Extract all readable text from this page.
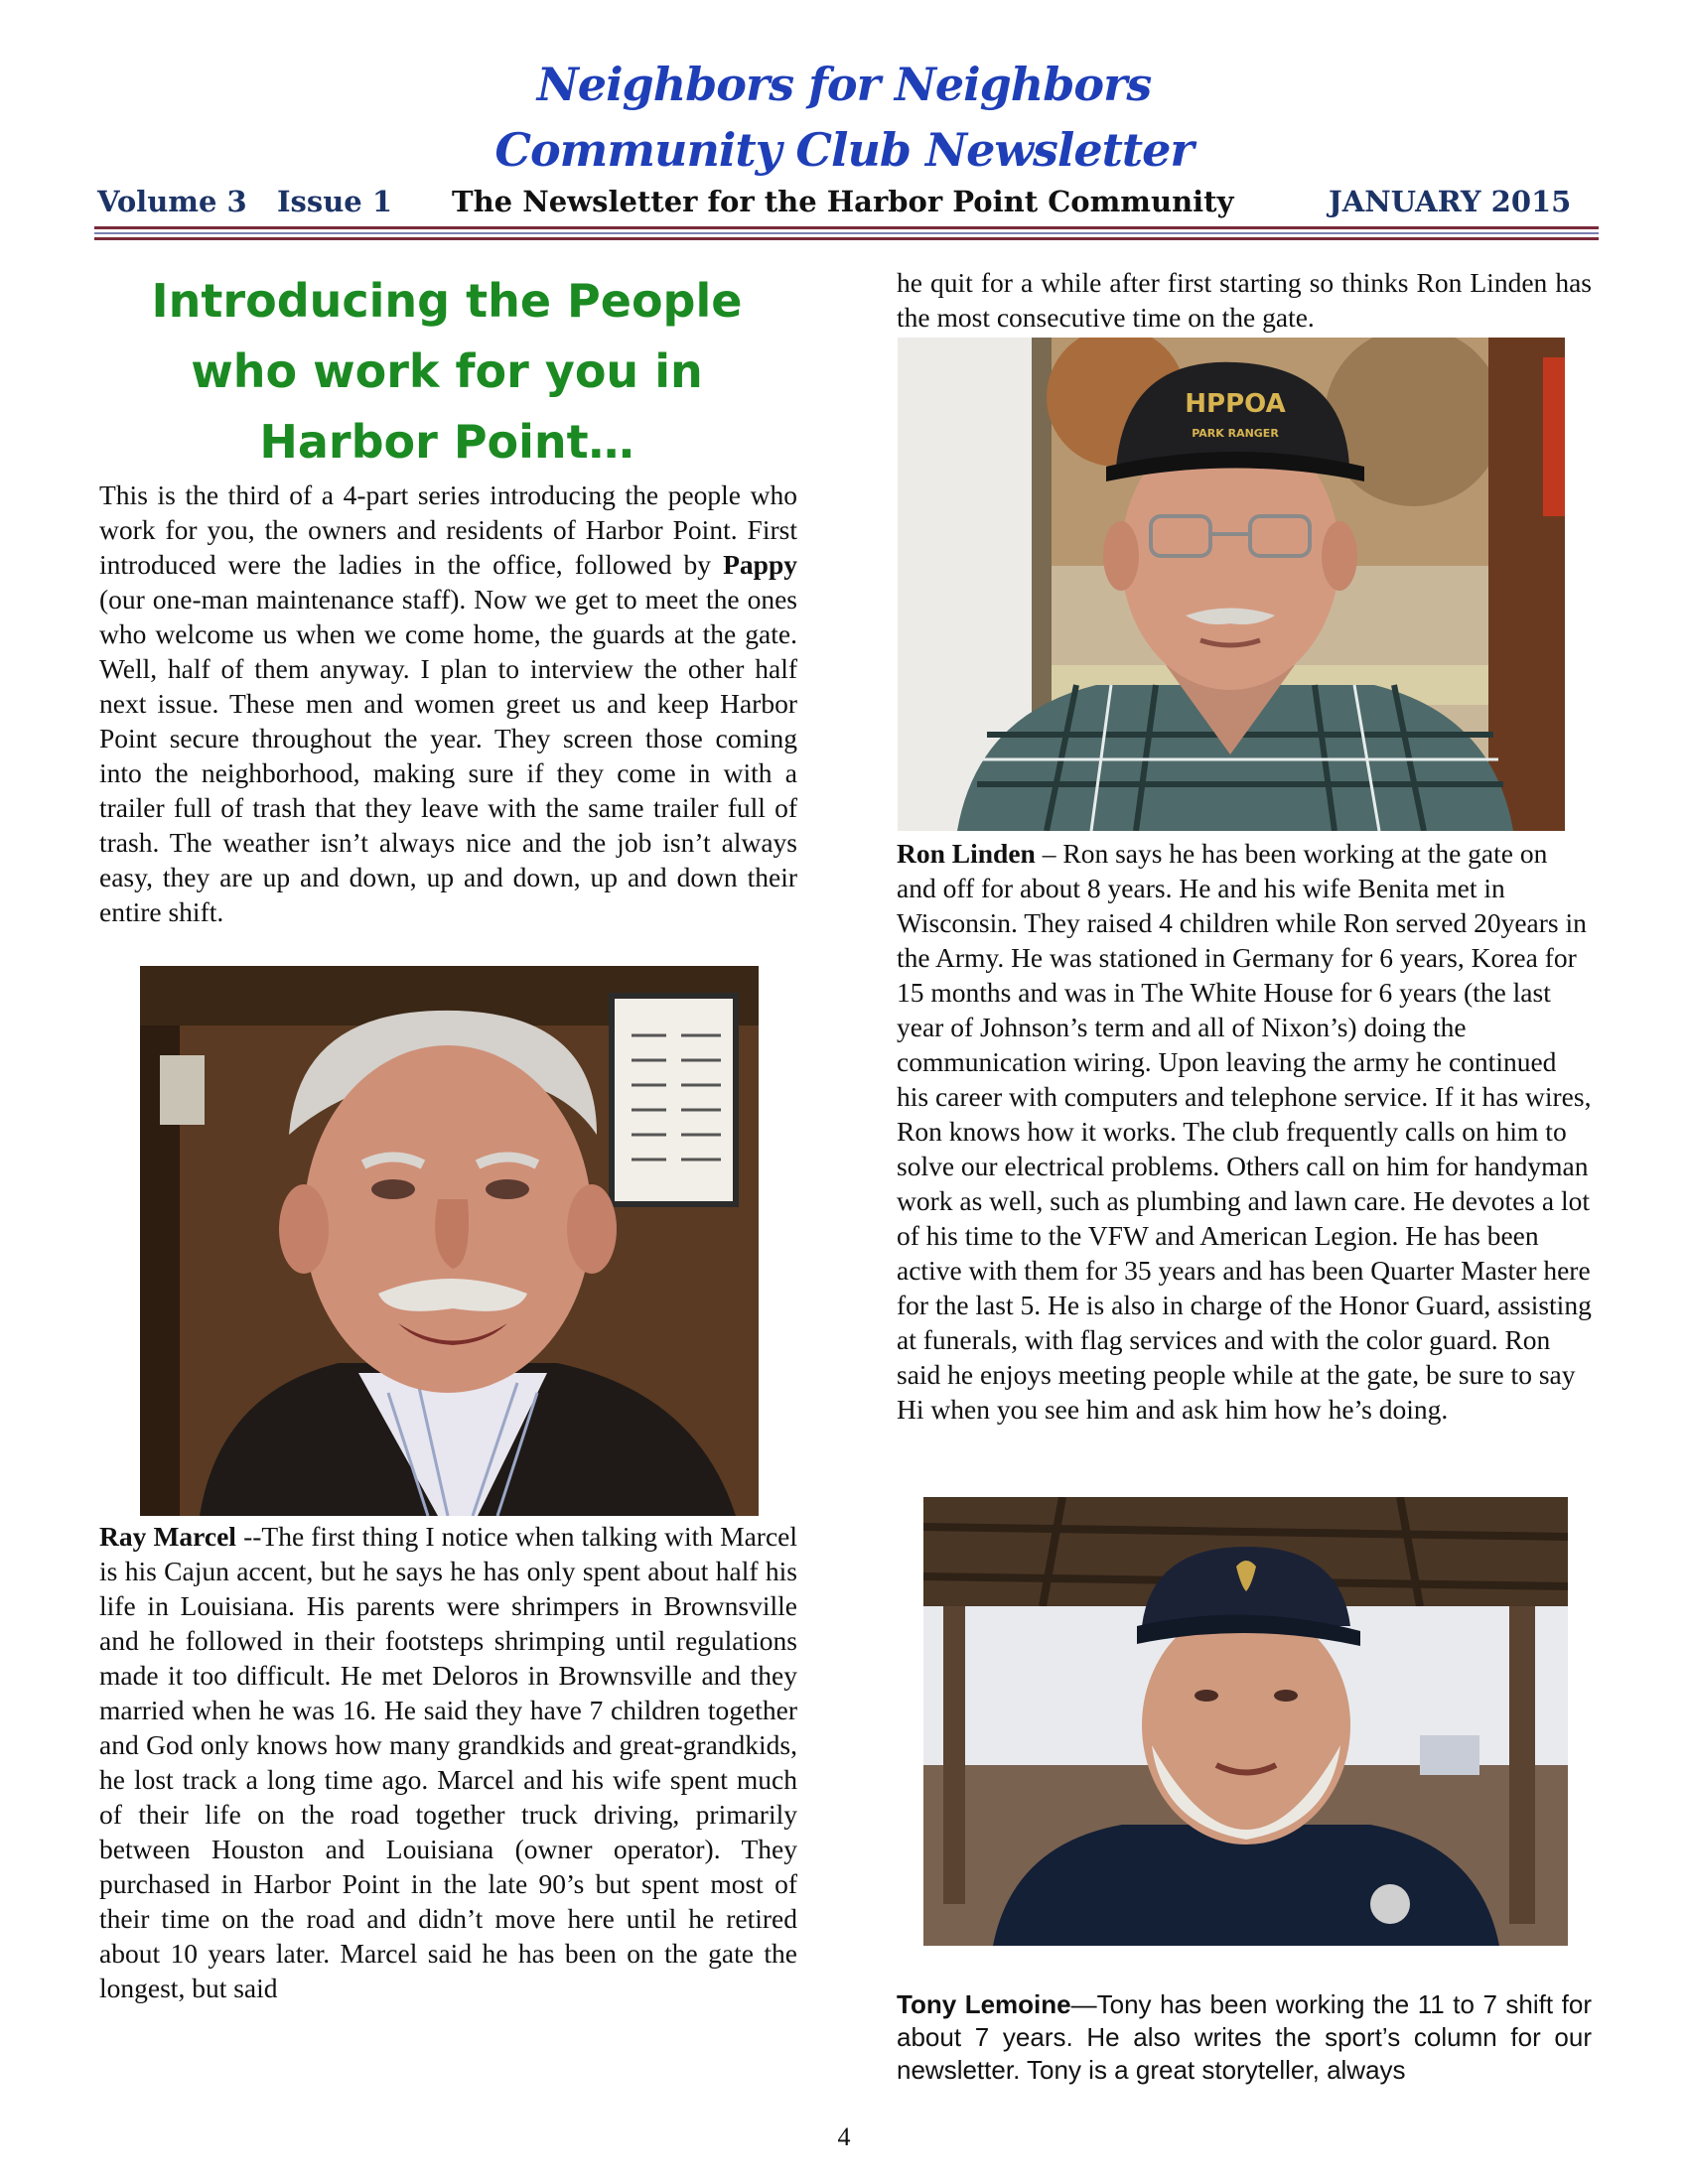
Neighbors for Neighbors
Community Club Newsletter
Volume 3   Issue 1 The Newsletter for the Harbor Point Community	JANUARY 2015
Introducing the People
who work for you in
Harbor Point…

This is the third of a 4-part series introducing the people who work for you, the owners and residents of Harbor Point. First introduced were the ladies in the office, followed by Pappy (our one-man maintenance staff). Now we get to meet the ones who welcome us when we come home, the guards at the gate. Well, half of them anyway. I plan to interview the other half next issue. These men and women greet us and keep Harbor Point secure throughout the year. They screen those coming into the neighborhood, making sure if they come in with a trailer full of trash that they leave with the same trailer full of trash. The weather isn’t always nice and the job isn’t always easy, they are up and down, up and down, up and down their entire shift.

Ray Marcel --The first thing I notice when talking with Marcel is his Cajun accent, but he says he has only spent about half his life in Louisiana. His parents were shrimpers in Brownsville and he followed in their footsteps shrimping until regulations made it too difficult. He met Deloros in Brownsville and they married when he was 16. He said they have 7 children together and God only knows how many grandkids and great-grandkids, he lost track a long time ago. Marcel and his wife spent much of their life on the road together truck driving, primarily between Houston and Louisiana (owner operator). They purchased in Harbor Point in the late 90’s but spent most of their time on the road and didn’t move here until he retired about 10 years later. Marcel said he has been on the gate the longest, but said

he quit for a while after first starting so thinks Ron Linden has the most consecutive time on the gate.

HPPOA
PARK RANGER

Ron Linden – Ron says he has been working at the gate on and off for about 8 years. He and his wife Benita met in Wisconsin. They raised 4 children while Ron served 20years in the Army. He was stationed in Germany for 6 years, Korea for 15 months and was in The White House for 6 years (the last year of Johnson’s term and all of Nixon’s) doing the communication wiring. Upon leaving the army he continued his career with computers and telephone service. If it has wires, Ron knows how it works. The club frequently calls on him to solve our electrical problems. Others call on him for handyman work as well, such as plumbing and lawn care. He devotes a lot of his time to the VFW and American Legion. He has been active with them for 35 years and has been Quarter Master here for the last 5. He is also in charge of the Honor Guard, assisting at funerals, with flag services and with the color guard. Ron said he enjoys meeting people while at the gate, be sure to say Hi when you see him and ask him how he’s doing.

Tony Lemoine—Tony has been working the 11 to 7 shift for about 7 years. He also writes the sport’s column for our newsletter. Tony is a great storyteller, always

4
